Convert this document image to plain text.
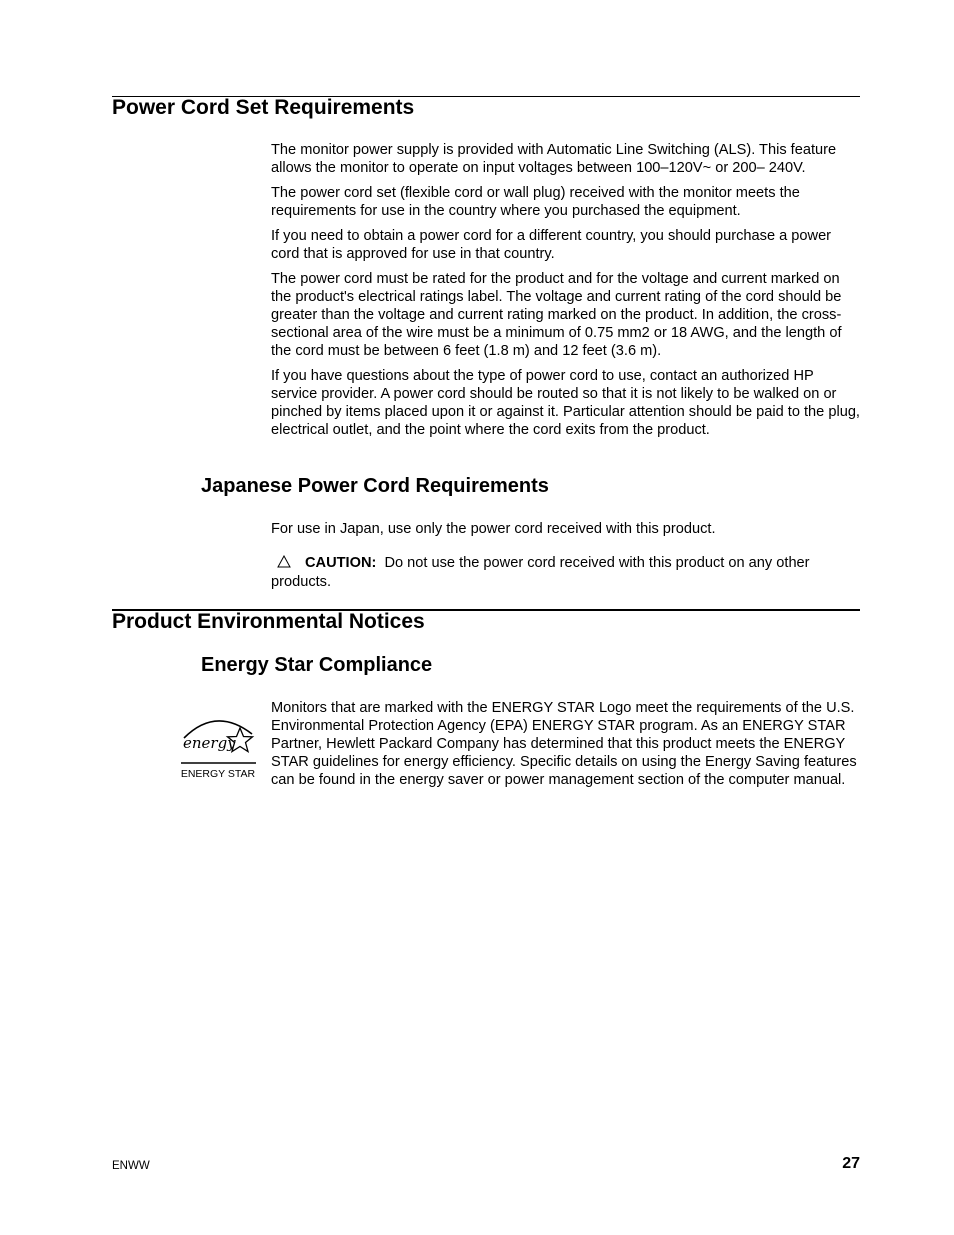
Power Cord Set Requirements

The monitor power supply is provided with Automatic Line Switching (ALS). This feature allows the monitor to operate on input voltages between 100–120V~ or 200– 240V.

The power cord set (flexible cord or wall plug) received with the monitor meets the requirements for use in the country where you purchased the equipment.

If you need to obtain a power cord for a different country, you should purchase a power cord that is approved for use in that country.

The power cord must be rated for the product and for the voltage and current marked on the product's electrical ratings label. The voltage and current rating of the cord should be greater than the voltage and current rating marked on the product. In addition, the cross-sectional area of the wire must be a minimum of 0.75 mm2 or 18 AWG, and the length of the cord must be between 6 feet (1.8 m) and 12 feet (3.6 m).

If you have questions about the type of power cord to use, contact an authorized HP service provider. A power cord should be routed so that it is not likely to be walked on or pinched by items placed upon it or against it. Particular attention should be paid to the plug, electrical outlet, and the point where the cord exits from the product.

Japanese Power Cord Requirements

For use in Japan, use only the power cord received with this product.

CAUTION: Do not use the power cord received with this product on any other products.

Product Environmental Notices
Energy Star Compliance
energy
ENERGY STAR

Monitors that are marked with the ENERGY STAR Logo meet the requirements of the U.S. Environmental Protection Agency (EPA) ENERGY STAR program. As an ENERGY STAR Partner, Hewlett Packard Company has determined that this product meets the ENERGY STAR guidelines for energy efficiency. Specific details on using the Energy Saving features can be found in the energy saver or power management section of the computer manual.

ENWW	27
